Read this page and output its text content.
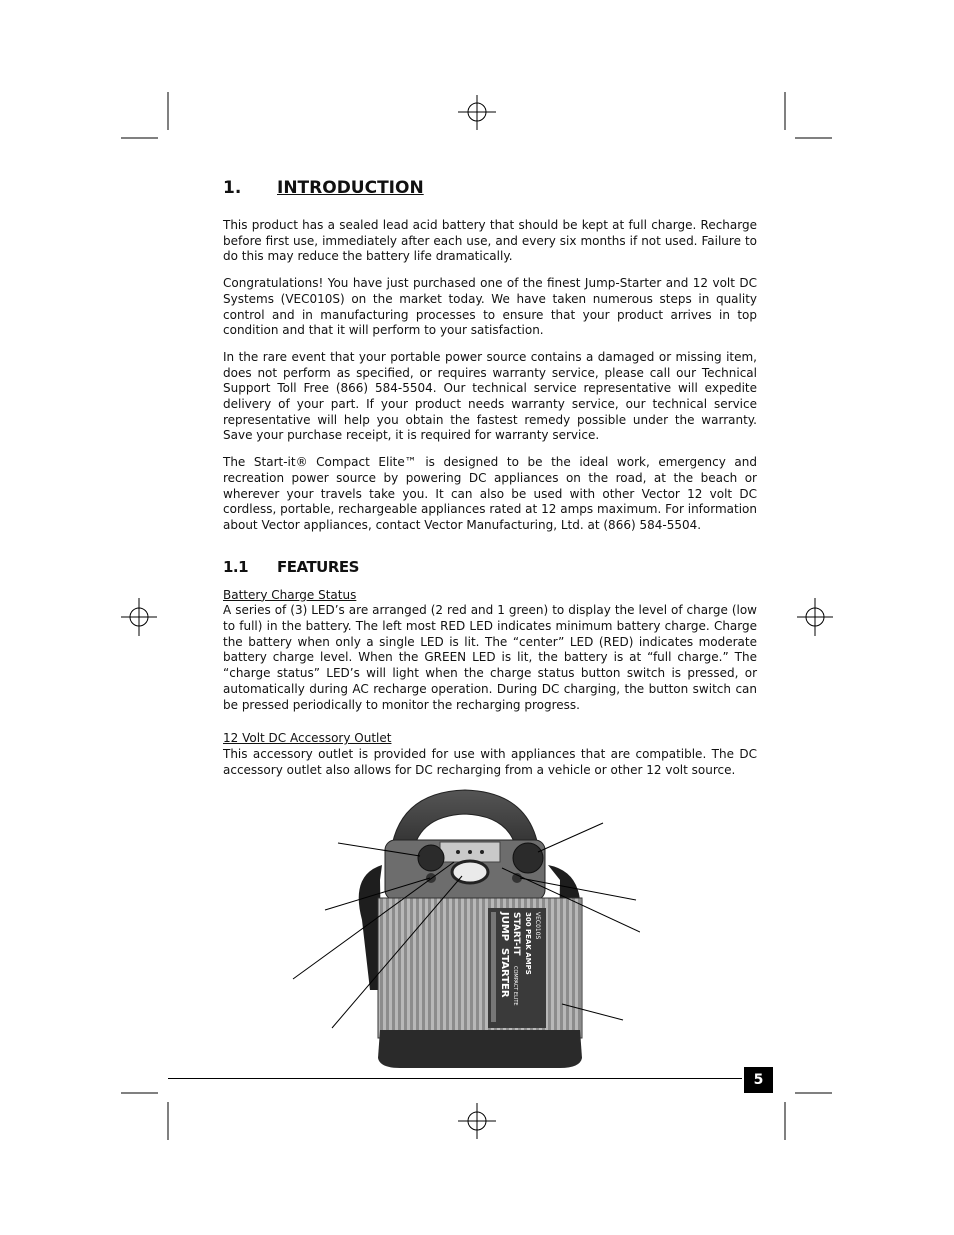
1.	INTRODUCTION

This product has a sealed lead acid battery that should be kept at full charge. Recharge before first use, immediately after each use, and every six months if not used. Failure to do this may reduce the battery life dramatically.

Congratulations! You have just purchased one of the finest Jump-Starter and 12 volt DC Systems (VEC010S) on the market today. We have taken numerous steps in quality control and in manufacturing processes to ensure that your product arrives in top condition and that it will perform to your satisfaction.

In the rare event that your portable power source contains a damaged or missing item, does not perform as specified, or requires warranty service, please call our Technical Support Toll Free (866) 584-5504. Our technical service representative will expedite delivery of your part. If your product needs warranty service, our technical service representative will help you obtain the fastest remedy possible under the warranty. Save your purchase receipt, it is required for warranty service.

The Start-it® Compact Elite™ is designed to be the ideal work, emergency and recreation power source by powering DC appliances on the road, at the beach or wherever your travels take you. It can also be used with other Vector 12 volt DC cordless, portable, rechargeable appliances rated at 12 amps maximum. For information about Vector appliances, contact Vector Manufacturing, Ltd. at (866) 584-5504.

1.1	FEATURES

Battery Charge Status
A series of (3) LED’s are arranged (2 red and 1 green) to display the level of charge (low to full) in the battery. The left most RED LED indicates minimum battery charge. Charge the battery when only a single LED is lit. The “center” LED (RED) indicates moderate battery charge level. When the GREEN LED is lit, the battery is at “full charge.” The “charge status” LED’s will light when the charge status button switch is pressed, or automatically during AC recharge operation. During DC charging, the button switch can be pressed periodically to monitor the recharging progress.

12 Volt DC Accessory Outlet
This accessory outlet is provided for use with appliances that are compatible. The DC accessory outlet also allows for DC recharging from a vehicle or other 12 volt source.

VEC010S
300 PEAK AMPS
START-IT
COMPACT ELITE
JUMP
STARTER
5
